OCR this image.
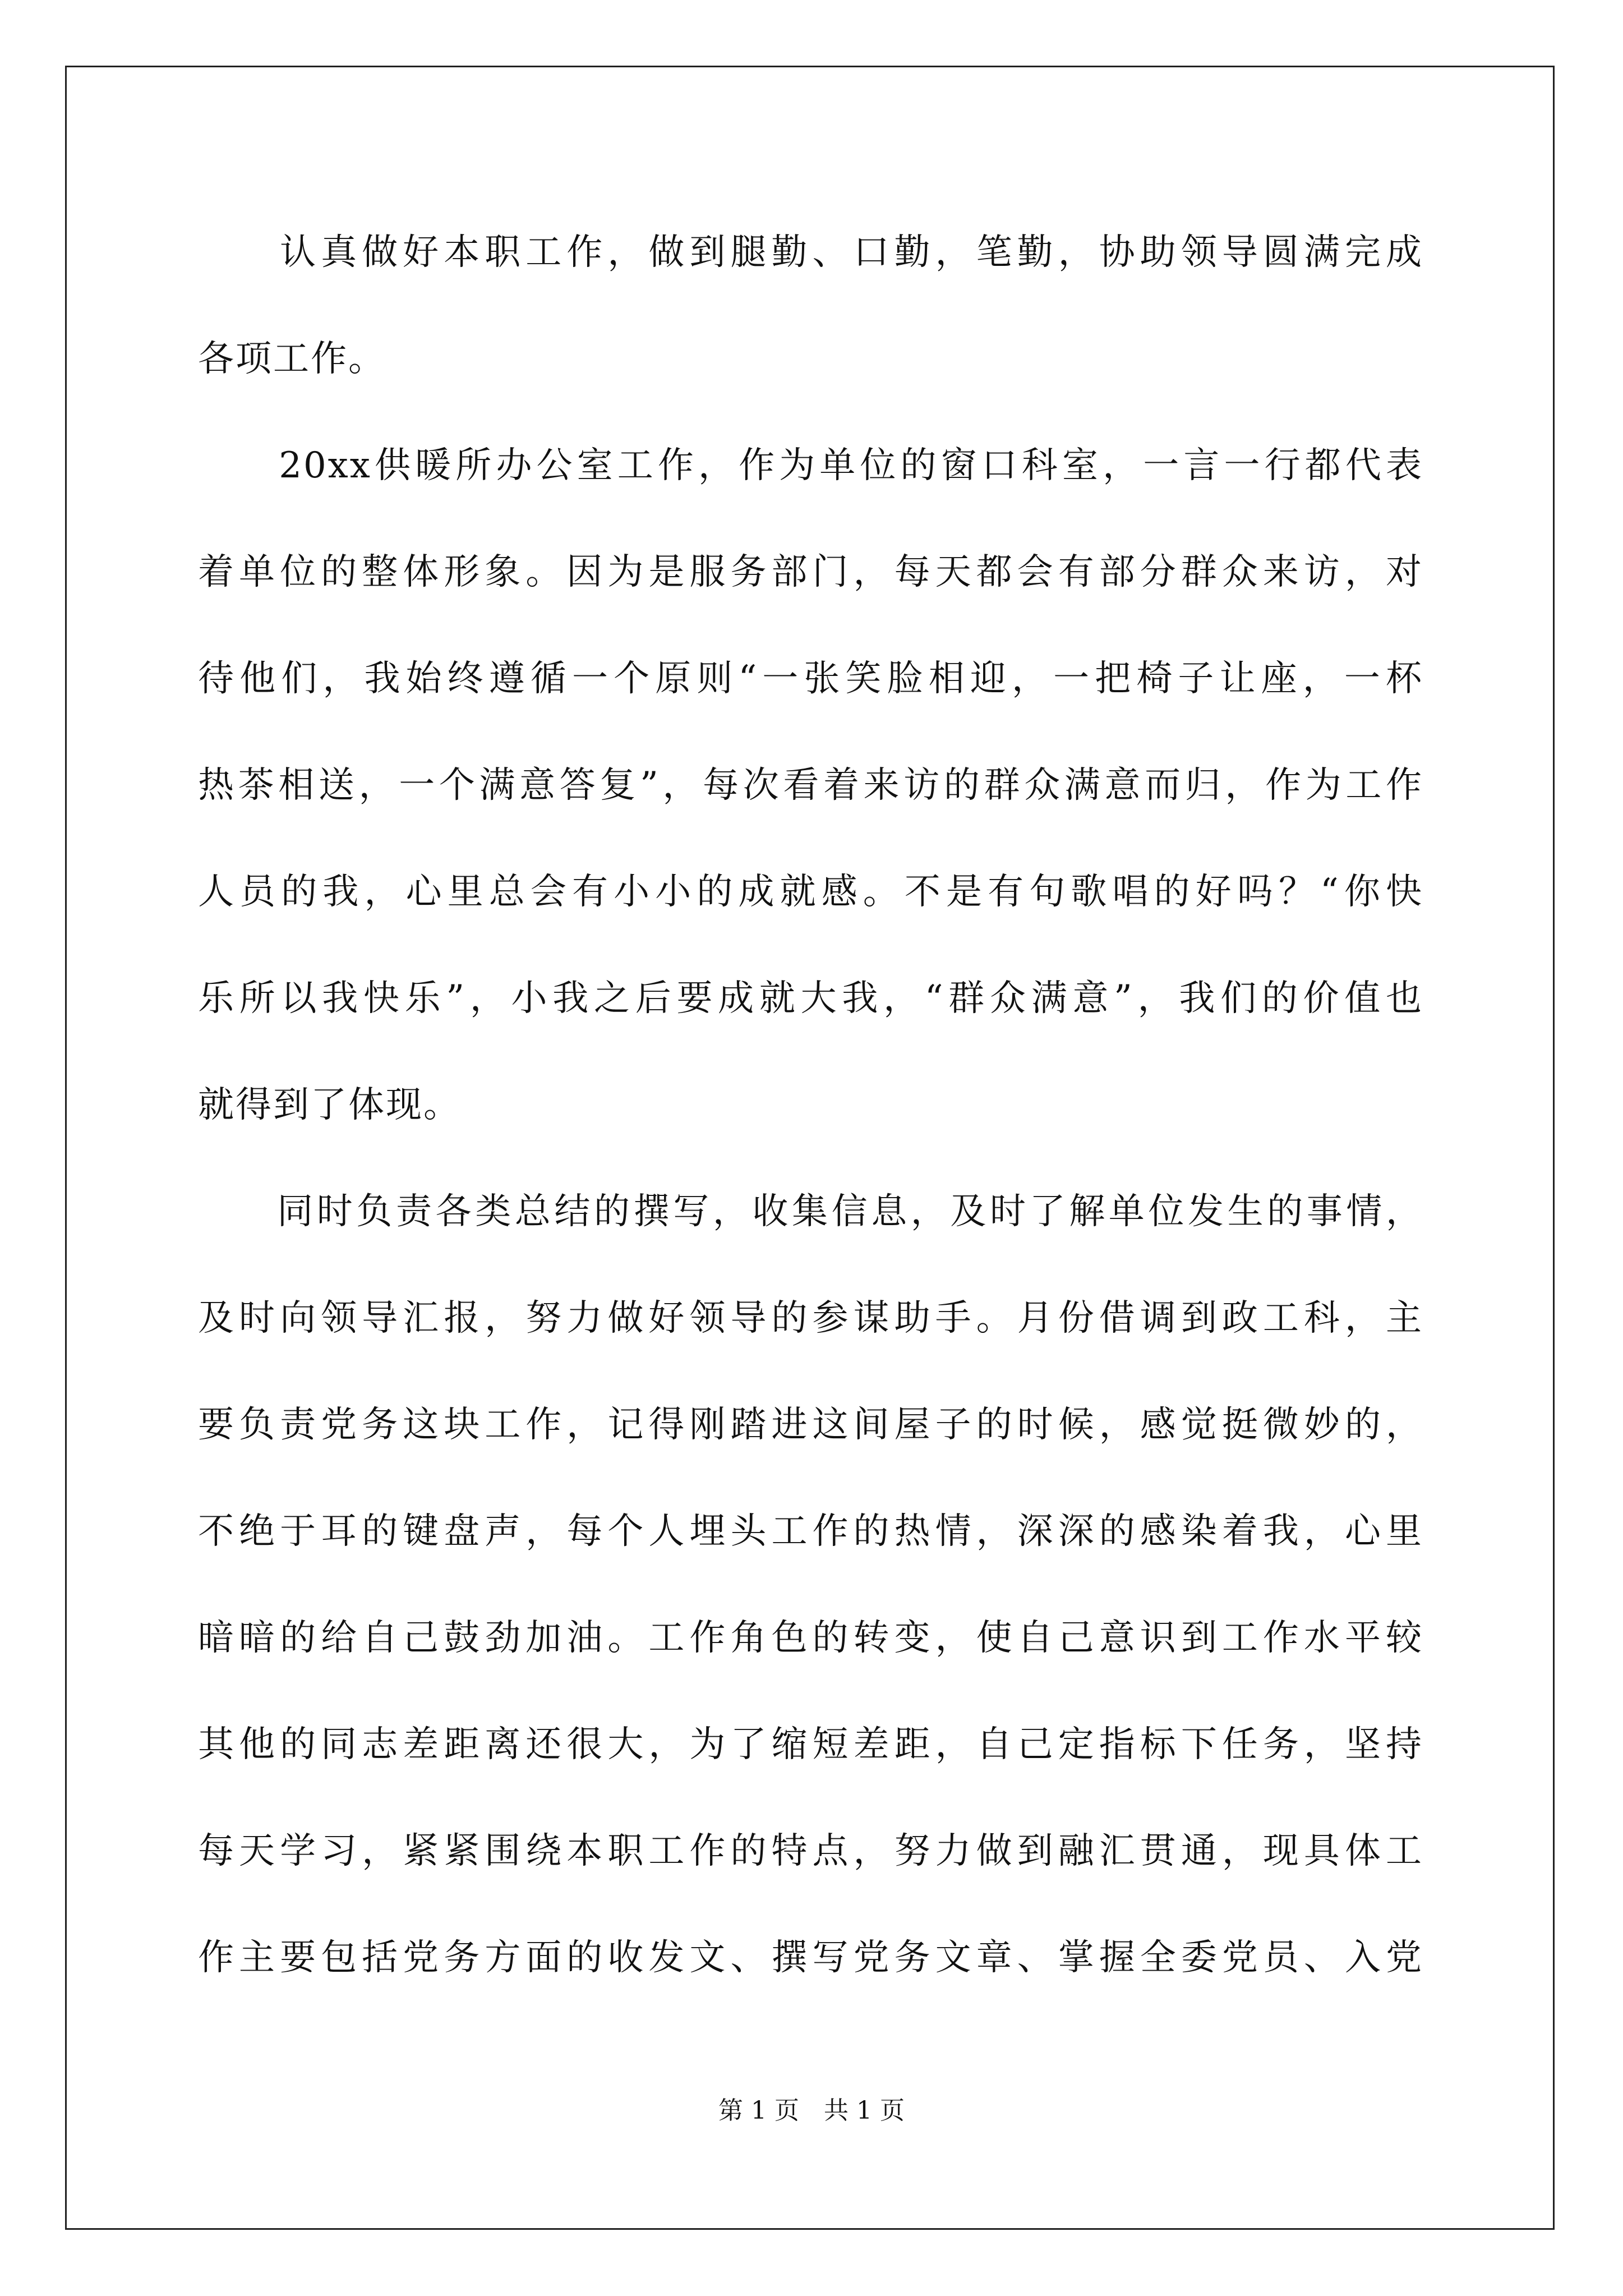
　　认真做好本职工作，做到腿勤、口勤，笔勤，协助领导圆满完成
各项工作。
　　20xx供暖所办公室工作，作为单位的窗口科室，一言一行都代表
着单位的整体形象。因为是服务部门，每天都会有部分群众来访，对
待他们，我始终遵循一个原则“一张笑脸相迎，一把椅子让座，一杯
热茶相送，一个满意答复”，每次看着来访的群众满意而归，作为工作
人员的我，心里总会有小小的成就感。不是有句歌唱的好吗？“你快
乐所以我快乐”，小我之后要成就大我，“群众满意”，我们的价值也
就得到了体现。
　　同时负责各类总结的撰写，收集信息，及时了解单位发生的事情，
及时向领导汇报，努力做好领导的参谋助手。月份借调到政工科，主
要负责党务这块工作，记得刚踏进这间屋子的时候，感觉挺微妙的，
不绝于耳的键盘声，每个人埋头工作的热情，深深的感染着我，心里
暗暗的给自己鼓劲加油。工作角色的转变，使自己意识到工作水平较
其他的同志差距离还很大，为了缩短差距，自己定指标下任务，坚持
每天学习，紧紧围绕本职工作的特点，努力做到融汇贯通，现具体工
作主要包括党务方面的收发文、撰写党务文章、掌握全委党员、入党
第 1 页　共 1 页
